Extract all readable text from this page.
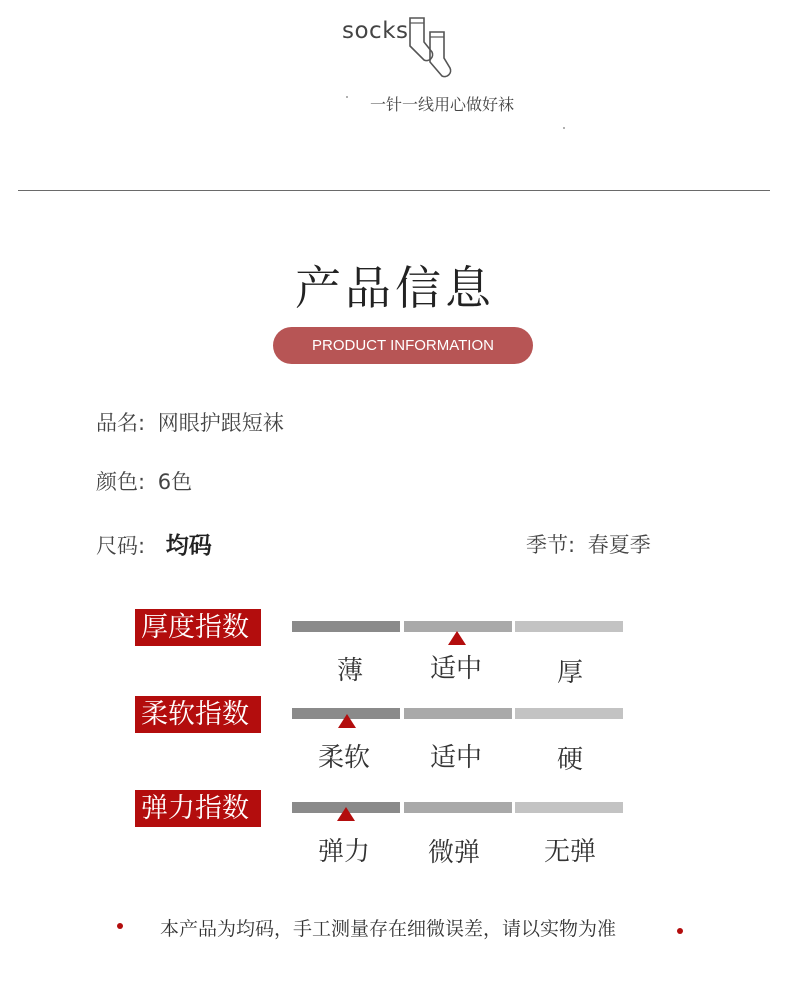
socks
一针一线用心做好袜
产品信息
PRODUCT INFORMATION
品名: 网眼护跟短袜
颜色: 6色
尺码: 均码	季节: 春夏季
厚度指数
薄	适中	厚
柔软指数
柔软	适中	硬
弹力指数
弹力	微弹	无弹
本产品为均码，手工测量存在细微误差，请以实物为准
